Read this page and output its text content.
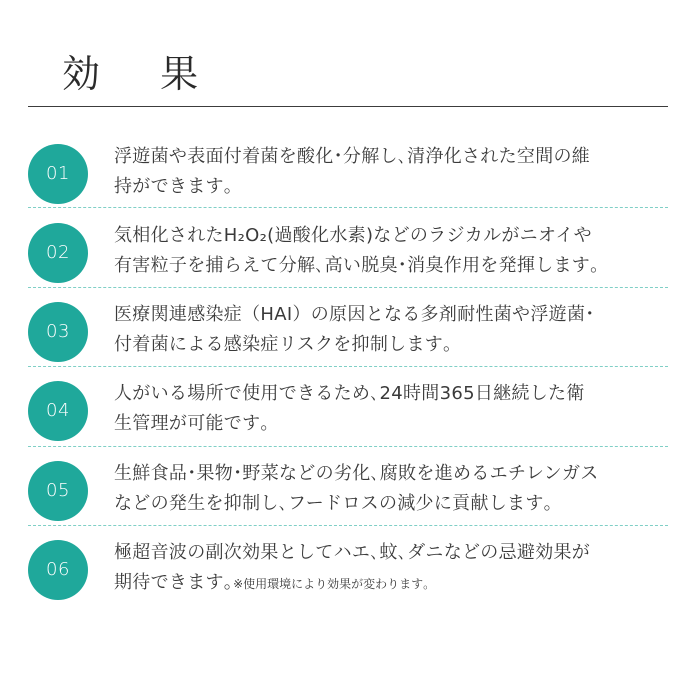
効 果
01
浮遊菌や表面付着菌を酸化･分解し､清浄化された空間の維
持ができます｡
02
気相化されたH₂O₂(過酸化水素)などのラジカルがニオイや
有害粒子を捕らえて分解､高い脱臭･消臭作用を発揮します｡
03
医療関連感染症（HAI）の原因となる多剤耐性菌や浮遊菌･
付着菌による感染症リスクを抑制します｡
04
人がいる場所で使用できるため､24時間365日継続した衛
生管理が可能です｡
05
生鮮食品･果物･野菜などの劣化､腐敗を進めるエチレンガス
などの発生を抑制し､フードロスの減少に貢献します｡
06
極超音波の副次効果としてハエ､蚊､ダニなどの忌避効果が
期待できます｡※使用環境により効果が変わります｡
